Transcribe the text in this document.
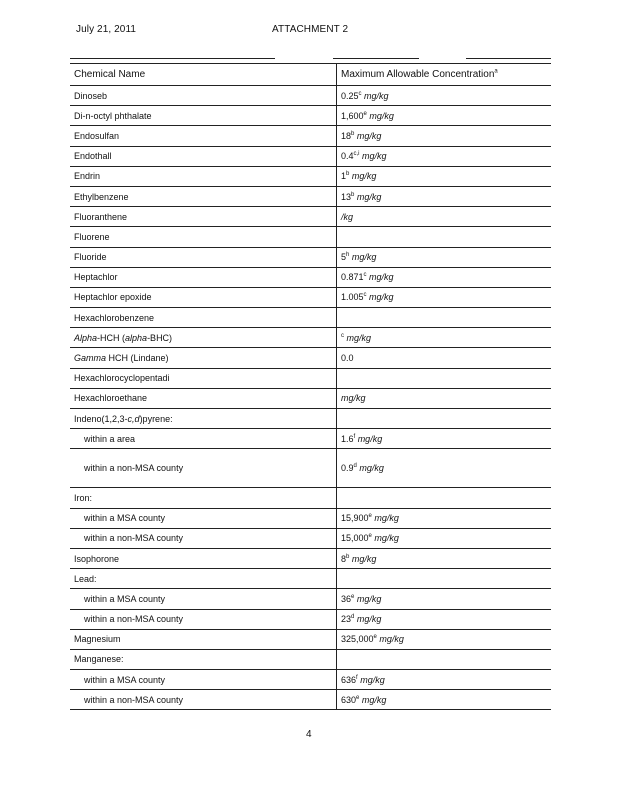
July 21, 2011	ATTACHMENT 2
Chemical Name	Maximum Allowable Concentration$^a$
Dinoseb	0.25$^c$ mg/kg
Di-n-octyl phthalate	1,600e mg/kg
Endosulfan	18$^b$ mg/kg
Endothall	0.4$^{c,i}$ mg/kg
Endrin	1$^b$ mg/kg
Ethylbenzene	13$^b$ mg/kg
Fluoranthene	/kg
Fluorene	
Fluoride	5$^h$ mg/kg
Heptachlor	0.871$^c$ mg/kg
Heptachlor epoxide	1.005$^c$ mg/kg
Hexachlorobenzene	
Alpha-HCH (alpha-BHC)	$^c$ mg/kg
Gamma HCH (Lindane)	0.0
Hexachlorocyclopentadi	
Hexachloroethane	mg/kg
Indeno(1,2,3-c,d)pyrene:	
within a area	1.6$^f$ mg/kg
within a non-MSA county	0.9$^d$ mg/kg
Iron:	
within a MSA county	15,900e mg/kg
within a non-MSA county	15,000e mg/kg
Isophorone	8$^b$ mg/kg
Lead:	
within a MSA county	36e mg/kg
within a non-MSA county	23$^d$ mg/kg
Magnesium	325,000e mg/kg
Manganese:	
within a MSA county	636$^f$ mg/kg
within a non-MSA county	630e mg/kg
4
